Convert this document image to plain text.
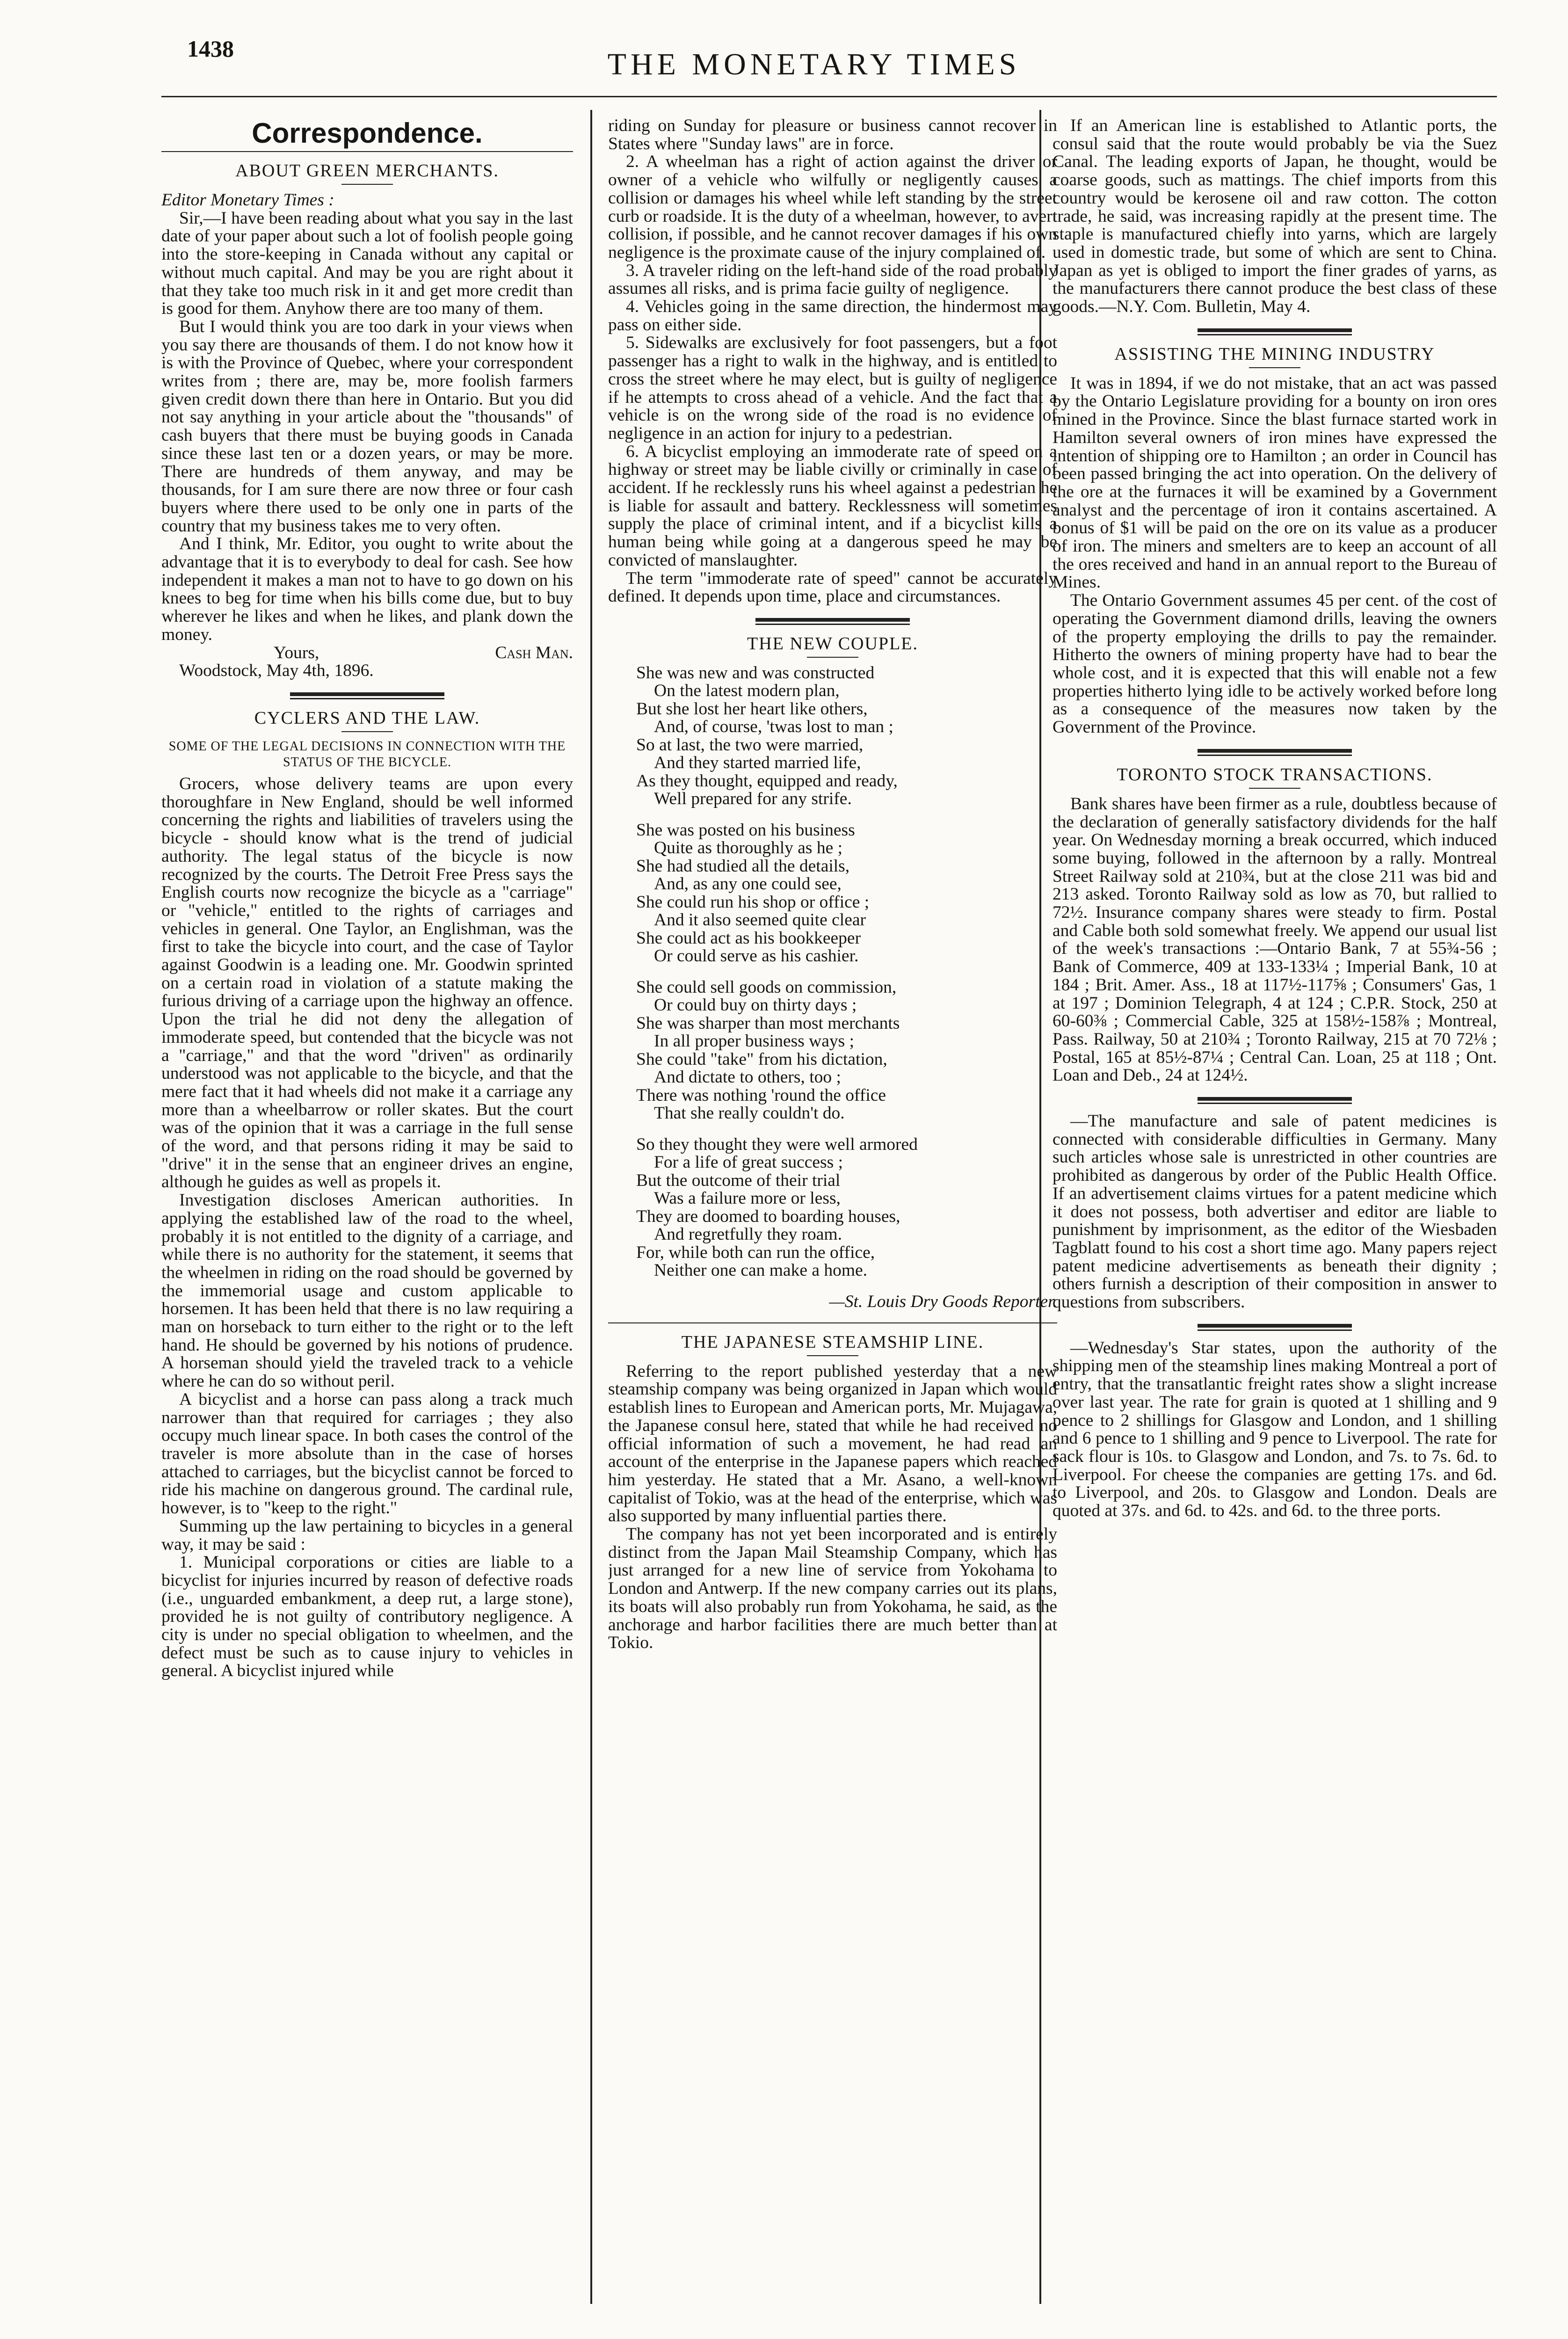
1438	THE MONETARY TIMES
Correspondence.
ABOUT GREEN MERCHANTS.

Editor Monetary Times :

Sir,—I have been reading about what you say in the last date of your paper about such a lot of foolish people going into the store-keeping in Canada without any capital or without much capital. And may be you are right about it that they take too much risk in it and get more credit than is good for them. Anyhow there are too many of them.

But I would think you are too dark in your views when you say there are thousands of them. I do not know how it is with the Province of Quebec, where your correspondent writes from ; there are, may be, more foolish farmers given credit down there than here in Ontario. But you did not say anything in your article about the "thousands" of cash buyers that there must be buying goods in Canada since these last ten or a dozen years, or may be more. There are hundreds of them anyway, and may be thousands, for I am sure there are now three or four cash buyers where there used to be only one in parts of the country that my business takes me to very often.

And I think, Mr. Editor, you ought to write about the advantage that it is to everybody to deal for cash. See how independent it makes a man not to have to go down on his knees to beg for time when his bills come due, but to buy wherever he likes and when he likes, and plank down the money.

Yours,	Cash Man.

Woodstock, May 4th, 1896.

CYCLERS AND THE LAW.
SOME OF THE LEGAL DECISIONS IN CONNECTION WITH THE STATUS OF THE BICYCLE.

Grocers, whose delivery teams are upon every thoroughfare in New England, should be well informed concerning the rights and liabilities of travelers using the bicycle - should know what is the trend of judicial authority. The legal status of the bicycle is now recognized by the courts. The Detroit Free Press says the English courts now recognize the bicycle as a "carriage" or "vehicle," entitled to the rights of carriages and vehicles in general. One Taylor, an Englishman, was the first to take the bicycle into court, and the case of Taylor against Goodwin is a leading one. Mr. Goodwin sprinted on a certain road in violation of a statute making the furious driving of a carriage upon the highway an offence. Upon the trial he did not deny the allegation of immoderate speed, but contended that the bicycle was not a "carriage," and that the word "driven" as ordinarily understood was not applicable to the bicycle, and that the mere fact that it had wheels did not make it a carriage any more than a wheelbarrow or roller skates. But the court was of the opinion that it was a carriage in the full sense of the word, and that persons riding it may be said to "drive" it in the sense that an engineer drives an engine, although he guides as well as propels it.

Investigation discloses American authorities. In applying the established law of the road to the wheel, probably it is not entitled to the dignity of a carriage, and while there is no authority for the statement, it seems that the wheelmen in riding on the road should be governed by the immemorial usage and custom applicable to horsemen. It has been held that there is no law requiring a man on horseback to turn either to the right or to the left hand. He should be governed by his notions of prudence. A horseman should yield the traveled track to a vehicle where he can do so without peril.

A bicyclist and a horse can pass along a track much narrower than that required for carriages ; they also occupy much linear space. In both cases the control of the traveler is more absolute than in the case of horses attached to carriages, but the bicyclist cannot be forced to ride his machine on dangerous ground. The cardinal rule, however, is to "keep to the right."

Summing up the law pertaining to bicycles in a general way, it may be said :

1. Municipal corporations or cities are liable to a bicyclist for injuries incurred by reason of defective roads (i.e., unguarded embankment, a deep rut, a large stone), provided he is not guilty of contributory negligence. A city is under no special obligation to wheelmen, and the defect must be such as to cause injury to vehicles in general. A bicyclist injured while

riding on Sunday for pleasure or business cannot recover in States where "Sunday laws" are in force.

2. A wheelman has a right of action against the driver or owner of a vehicle who wilfully or negligently causes a collision or damages his wheel while left standing by the street curb or roadside. It is the duty of a wheelman, however, to avert collision, if possible, and he cannot recover damages if his own negligence is the proximate cause of the injury complained of.

3. A traveler riding on the left-hand side of the road probably assumes all risks, and is prima facie guilty of negligence.

4. Vehicles going in the same direction, the hindermost may pass on either side.

5. Sidewalks are exclusively for foot passengers, but a foot passenger has a right to walk in the highway, and is entitled to cross the street where he may elect, but is guilty of negligence if he attempts to cross ahead of a vehicle. And the fact that a vehicle is on the wrong side of the road is no evidence of negligence in an action for injury to a pedestrian.

6. A bicyclist employing an immoderate rate of speed on a highway or street may be liable civilly or criminally in case of accident. If he recklessly runs his wheel against a pedestrian he is liable for assault and battery. Recklessness will sometimes supply the place of criminal intent, and if a bicyclist kills a human being while going at a dangerous speed he may be convicted of manslaughter.

The term "immoderate rate of speed" cannot be accurately defined. It depends upon time, place and circumstances.

THE NEW COUPLE.
She was new and was constructed
On the latest modern plan,
But she lost her heart like others,
And, of course, 'twas lost to man ;
So at last, the two were married,
And they started married life,
As they thought, equipped and ready,
Well prepared for any strife.
She was posted on his business
Quite as thoroughly as he ;
She had studied all the details,
And, as any one could see,
She could run his shop or office ;
And it also seemed quite clear
She could act as his bookkeeper
Or could serve as his cashier.
She could sell goods on commission,
Or could buy on thirty days ;
She was sharper than most merchants
In all proper business ways ;
She could "take" from his dictation,
And dictate to others, too ;
There was nothing 'round the office
That she really couldn't do.
So they thought they were well armored
For a life of great success ;
But the outcome of their trial
Was a failure more or less,
They are doomed to boarding houses,
And regretfully they roam.
For, while both can run the office,
Neither one can make a home.

—St. Louis Dry Goods Reporter.

THE JAPANESE STEAMSHIP LINE.

Referring to the report published yesterday that a new steamship company was being organized in Japan which would establish lines to European and American ports, Mr. Mujagawa, the Japanese consul here, stated that while he had received no official information of such a movement, he had read an account of the enterprise in the Japanese papers which reached him yesterday. He stated that a Mr. Asano, a well-known capitalist of Tokio, was at the head of the enterprise, which was also supported by many influential parties there.

The company has not yet been incorporated and is entirely distinct from the Japan Mail Steamship Company, which has just arranged for a new line of service from Yokohama to London and Antwerp. If the new company carries out its plans, its boats will also probably run from Yokohama, he said, as the anchorage and harbor facilities there are much better than at Tokio.

If an American line is established to Atlantic ports, the consul said that the route would probably be via the Suez Canal. The leading exports of Japan, he thought, would be coarse goods, such as mattings. The chief imports from this country would be kerosene oil and raw cotton. The cotton trade, he said, was increasing rapidly at the present time. The staple is manufactured chiefly into yarns, which are largely used in domestic trade, but some of which are sent to China. Japan as yet is obliged to import the finer grades of yarns, as the manufacturers there cannot produce the best class of these goods.—N.Y. Com. Bulletin, May 4.

ASSISTING THE MINING INDUSTRY

It was in 1894, if we do not mistake, that an act was passed by the Ontario Legislature providing for a bounty on iron ores mined in the Province. Since the blast furnace started work in Hamilton several owners of iron mines have expressed the intention of shipping ore to Hamilton ; an order in Council has been passed bringing the act into operation. On the delivery of the ore at the furnaces it will be examined by a Government analyst and the percentage of iron it contains ascertained. A bonus of $1 will be paid on the ore on its value as a producer of iron. The miners and smelters are to keep an account of all the ores received and hand in an annual report to the Bureau of Mines.

The Ontario Government assumes 45 per cent. of the cost of operating the Government diamond drills, leaving the owners of the property employing the drills to pay the remainder. Hitherto the owners of mining property have had to bear the whole cost, and it is expected that this will enable not a few properties hitherto lying idle to be actively worked before long as a consequence of the measures now taken by the Government of the Province.

TORONTO STOCK TRANSACTIONS.

Bank shares have been firmer as a rule, doubtless because of the declaration of generally satisfactory dividends for the half year. On Wednesday morning a break occurred, which induced some buying, followed in the afternoon by a rally. Montreal Street Railway sold at 210¾, but at the close 211 was bid and 213 asked. Toronto Railway sold as low as 70, but rallied to 72½. Insurance company shares were steady to firm. Postal and Cable both sold somewhat freely. We append our usual list of the week's transactions :—Ontario Bank, 7 at 55¾-56 ; Bank of Commerce, 409 at 133-133¼ ; Imperial Bank, 10 at 184 ; Brit. Amer. Ass., 18 at 117½-117⅝ ; Consumers' Gas, 1 at 197 ; Dominion Telegraph, 4 at 124 ; C.P.R. Stock, 250 at 60-60⅜ ; Commercial Cable, 325 at 158½-158⅞ ; Montreal, Pass. Railway, 50 at 210¾ ; Toronto Railway, 215 at 70 72⅛ ; Postal, 165 at 85½-87¼ ; Central Can. Loan, 25 at 118 ; Ont. Loan and Deb., 24 at 124½.

—The manufacture and sale of patent medicines is connected with considerable difficulties in Germany. Many such articles whose sale is unrestricted in other countries are prohibited as dangerous by order of the Public Health Office. If an advertisement claims virtues for a patent medicine which it does not possess, both advertiser and editor are liable to punishment by imprisonment, as the editor of the Wiesbaden Tagblatt found to his cost a short time ago. Many papers reject patent medicine advertisements as beneath their dignity ; others furnish a description of their composition in answer to questions from subscribers.

—Wednesday's Star states, upon the authority of the shipping men of the steamship lines making Montreal a port of entry, that the transatlantic freight rates show a slight increase over last year. The rate for grain is quoted at 1 shilling and 9 pence to 2 shillings for Glasgow and London, and 1 shilling and 6 pence to 1 shilling and 9 pence to Liverpool. The rate for sack flour is 10s. to Glasgow and London, and 7s. to 7s. 6d. to Liverpool. For cheese the companies are getting 17s. and 6d. to Liverpool, and 20s. to Glasgow and London. Deals are quoted at 37s. and 6d. to 42s. and 6d. to the three ports.
